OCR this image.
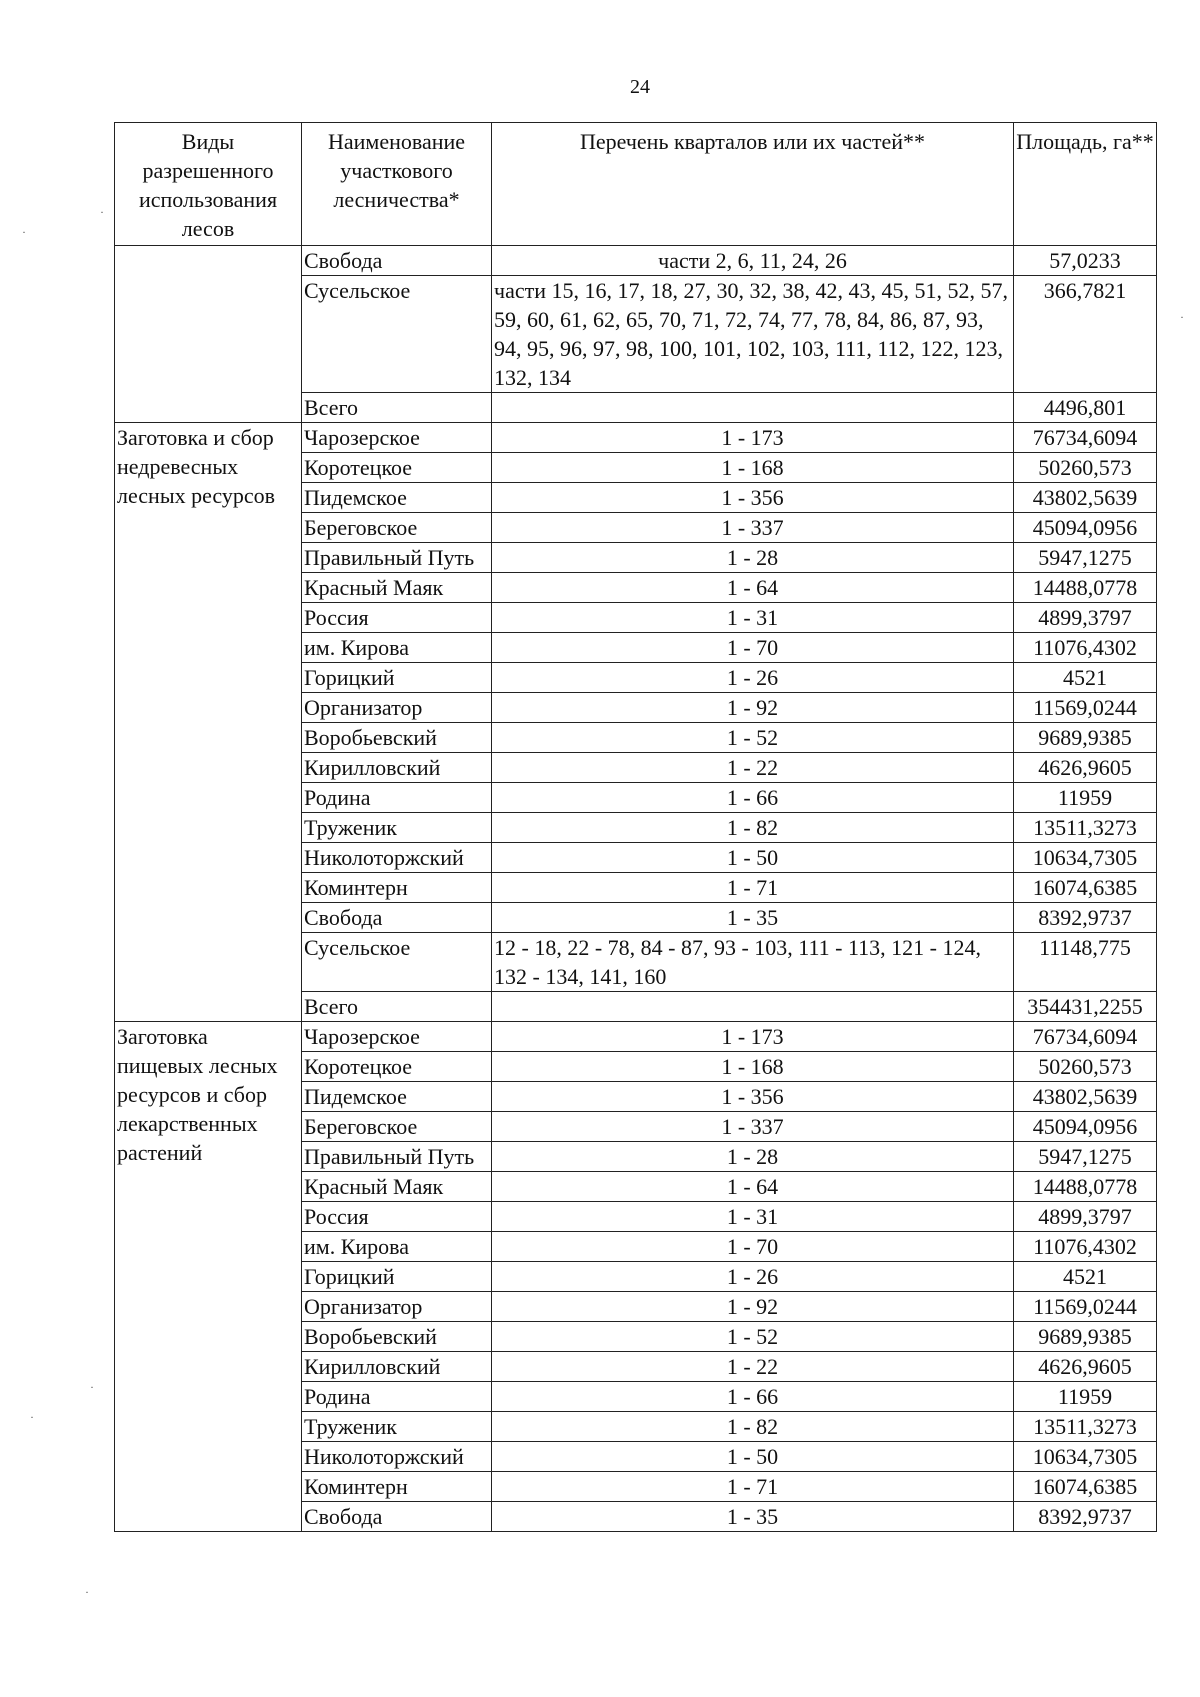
24
Виды разрешенного использования лесов	Наименование участкового лесничества*	Перечень кварталов или их частей**	Площадь, га**
	Свобода	части 2, 6, 11, 24, 26	57,0233
	Сусельское	части 15, 16, 17, 18, 27, 30, 32, 38, 42, 43, 45, 51, 52, 57, 59, 60, 61, 62, 65, 70, 71, 72, 74, 77, 78, 84, 86, 87, 93, 94, 95, 96, 97, 98, 100, 101, 102, 103, 111, 112, 122, 123, 132, 134	366,7821
	Всего		4496,801
Заготовка и сбор недревесных лесных ресурсов	Чарозерское	1 - 173	76734,6094
	Коротецкое	1 - 168	50260,573
	Пидемское	1 - 356	43802,5639
	Береговское	1 - 337	45094,0956
	Правильный Путь	1 - 28	5947,1275
	Красный Маяк	1 - 64	14488,0778
	Россия	1 - 31	4899,3797
	им. Кирова	1 - 70	11076,4302
	Горицкий	1 - 26	4521
	Организатор	1 - 92	11569,0244
	Воробьевский	1 - 52	9689,9385
	Кирилловский	1 - 22	4626,9605
	Родина	1 - 66	11959
	Труженик	1 - 82	13511,3273
	Николоторжский	1 - 50	10634,7305
	Коминтерн	1 - 71	16074,6385
	Свобода	1 - 35	8392,9737
	Сусельское	12 - 18, 22 - 78, 84 - 87, 93 - 103, 111 - 113, 121 - 124, 132 - 134, 141, 160	11148,775
	Всего		354431,2255
Заготовка пищевых лесных ресурсов и сбор лекарственных растений	Чарозерское	1 - 173	76734,6094
	Коротецкое	1 - 168	50260,573
	Пидемское	1 - 356	43802,5639
	Береговское	1 - 337	45094,0956
	Правильный Путь	1 - 28	5947,1275
	Красный Маяк	1 - 64	14488,0778
	Россия	1 - 31	4899,3797
	им. Кирова	1 - 70	11076,4302
	Горицкий	1 - 26	4521
	Организатор	1 - 92	11569,0244
	Воробьевский	1 - 52	9689,9385
	Кирилловский	1 - 22	4626,9605
	Родина	1 - 66	11959
	Труженик	1 - 82	13511,3273
	Николоторжский	1 - 50	10634,7305
	Коминтерн	1 - 71	16074,6385
	Свобода	1 - 35	8392,9737
·
·
·
·
·
·
